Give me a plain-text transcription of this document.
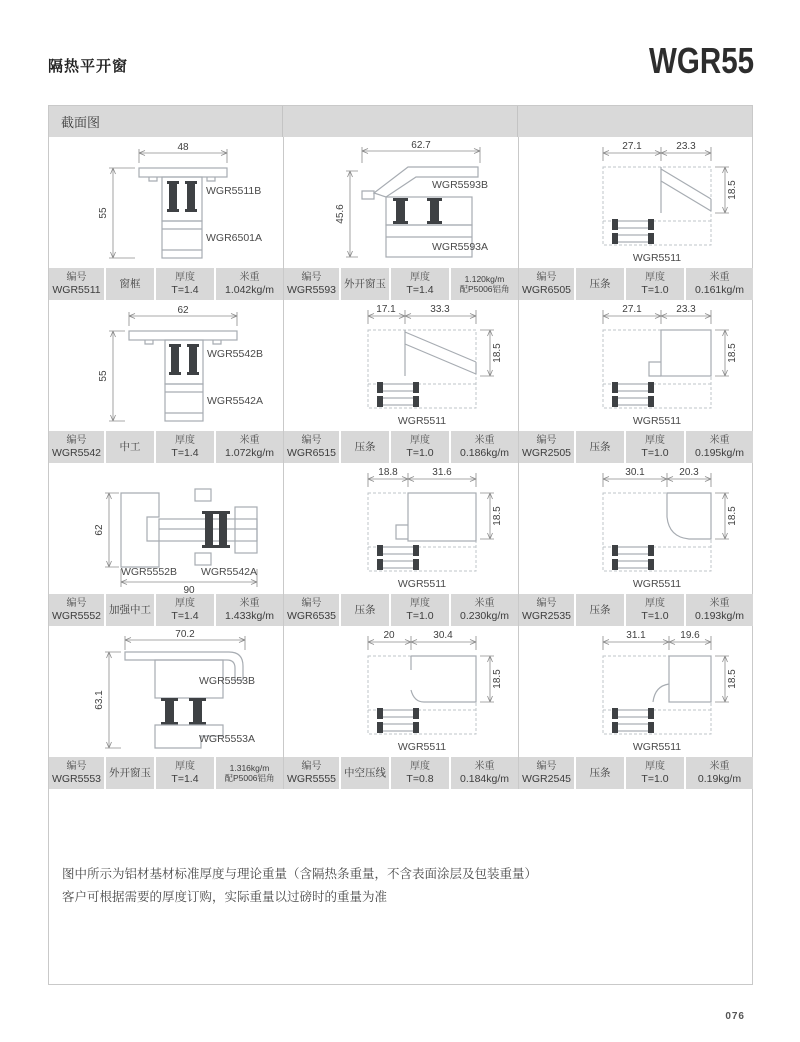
隔热平开窗	WGR55
截面图
48
55
WGR5511B
WGR6501A
编号
WGR5511 窗框
厚度
T=1.4
米重
1.042kg/m
62.7
45.6
WGR5593B
WGR5593A
编号
WGR5593 外开窗玉
厚度
T=1.4
1.120kg/m
配P5006铝角
27.1	23.3
18.5
WGR5511
编号
WGR6505 压条
厚度
T=1.0
米重
0.161kg/m
62
55
WGR5542B
WGR5542A
编号
WGR5542 中工
厚度
T=1.4
米重
1.072kg/m
17.1	33.3
18.5
WGR5511
编号
WGR6515 压条
厚度
T=1.0
米重
0.186kg/m
27.1	23.3
18.5
WGR5511
编号
WGR2505 压条
厚度
T=1.0
米重
0.195kg/m
62
90
WGR5552B WGR5542A
编号
WGR5552 加强中工
厚度
T=1.4
米重
1.433kg/m
18.8	31.6
18.5
WGR5511
编号
WGR6535 压条
厚度
T=1.0
米重
0.230kg/m
30.1	20.3
18.5
WGR5511
编号
WGR2535 压条
厚度
T=1.0
米重
0.193kg/m
70.2
63.1
WGR5553B
WGR5553A
编号
WGR5553 外开窗玉
厚度
T=1.4
1.316kg/m
配P5006铝角
20	30.4
18.5
WGR5511
编号
WGR5555 中空压线
厚度
T=0.8
米重
0.184kg/m
31.1	19.6
18.5
WGR5511
编号
WGR2545 压条
厚度
T=1.0
米重
0.19kg/m
图中所示为铝材基材标准厚度与理论重量（含隔热条重量，不含表面涂层及包装重量）
客户可根据需要的厚度订购，实际重量以过磅时的重量为准
076
